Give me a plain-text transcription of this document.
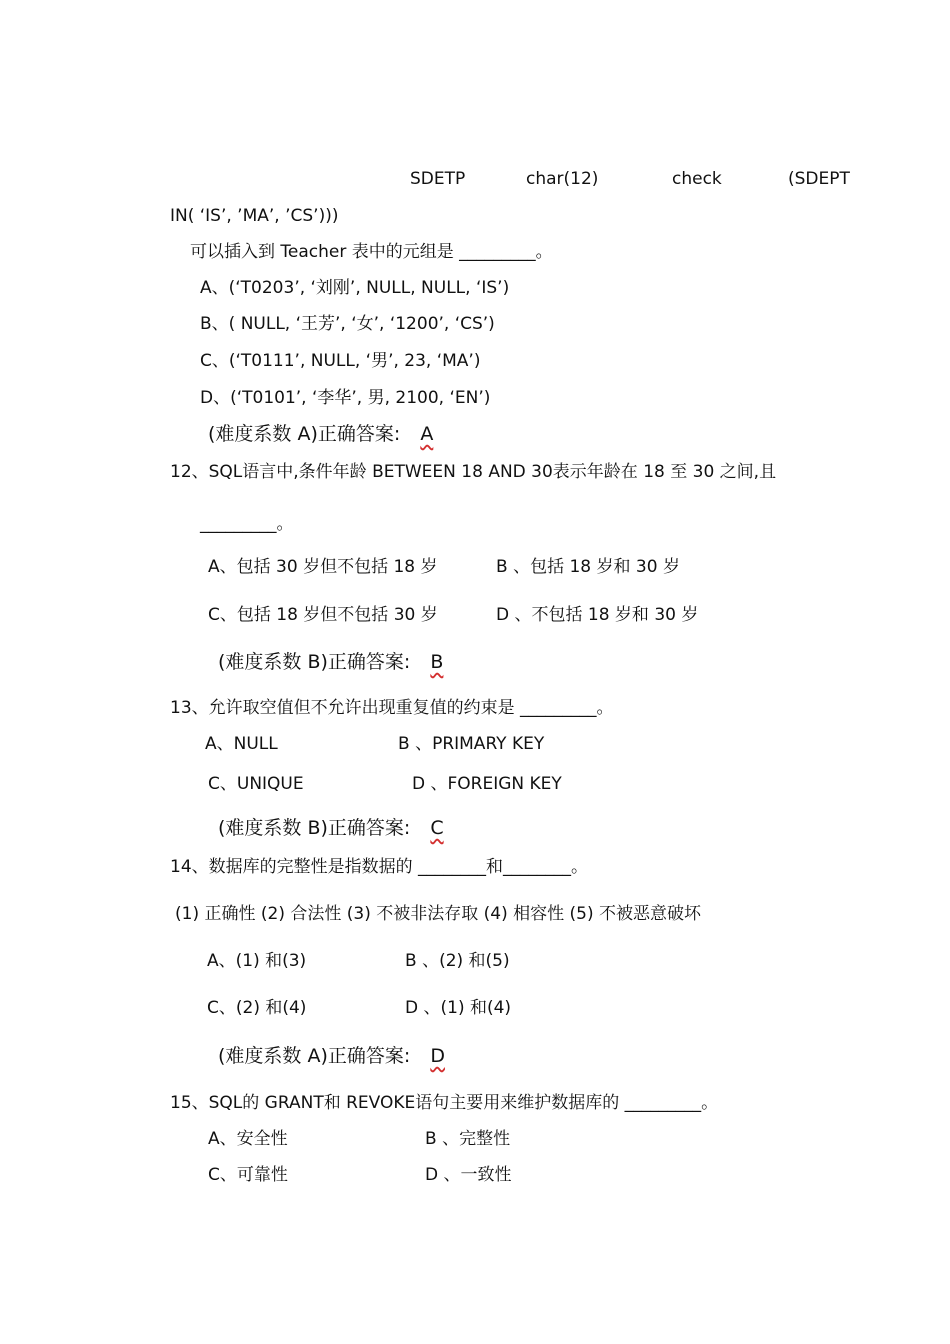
SDETP	char(12)	check	(SDEPT
IN( ‘IS’, ’MA’, ’CS’)))
可以插入到 Teacher 表中的元组是 _________。
A、(‘T0203’, ‘刘刚’, NULL, NULL, ‘IS’)
B、( NULL, ‘王芳’, ‘女’, ‘1200’, ‘CS’)
C、(‘T0111’, NULL, ‘男’, 23, ‘MA’)
D、(‘T0101’, ‘李华’, 男, 2100, ‘EN’)
(难度系数 A)正确答案: A
12、SQL语言中,条件年龄 BETWEEN 18 AND 30表示年龄在 18 至 30 之间,且
_________。
A、包括 30 岁但不包括 18 岁	B 、包括 18 岁和 30 岁
C、包括 18 岁但不包括 30 岁	D 、不包括 18 岁和 30 岁
(难度系数 B)正确答案: B
13、允许取空值但不允许出现重复值的约束是 _________。
A、NULL	B 、PRIMARY KEY
C、UNIQUE	D 、FOREIGN KEY
(难度系数 B)正确答案: C
14、数据库的完整性是指数据的 ________和________。
(1) 正确性 (2) 合法性 (3) 不被非法存取 (4) 相容性 (5) 不被恶意破坏
A、(1) 和(3)	B 、(2) 和(5)
C、(2) 和(4)	D 、(1) 和(4)
(难度系数 A)正确答案: D
15、SQL的 GRANT和 REVOKE语句主要用来维护数据库的 _________。
A、安全性	B 、完整性
C、可靠性	D 、一致性
